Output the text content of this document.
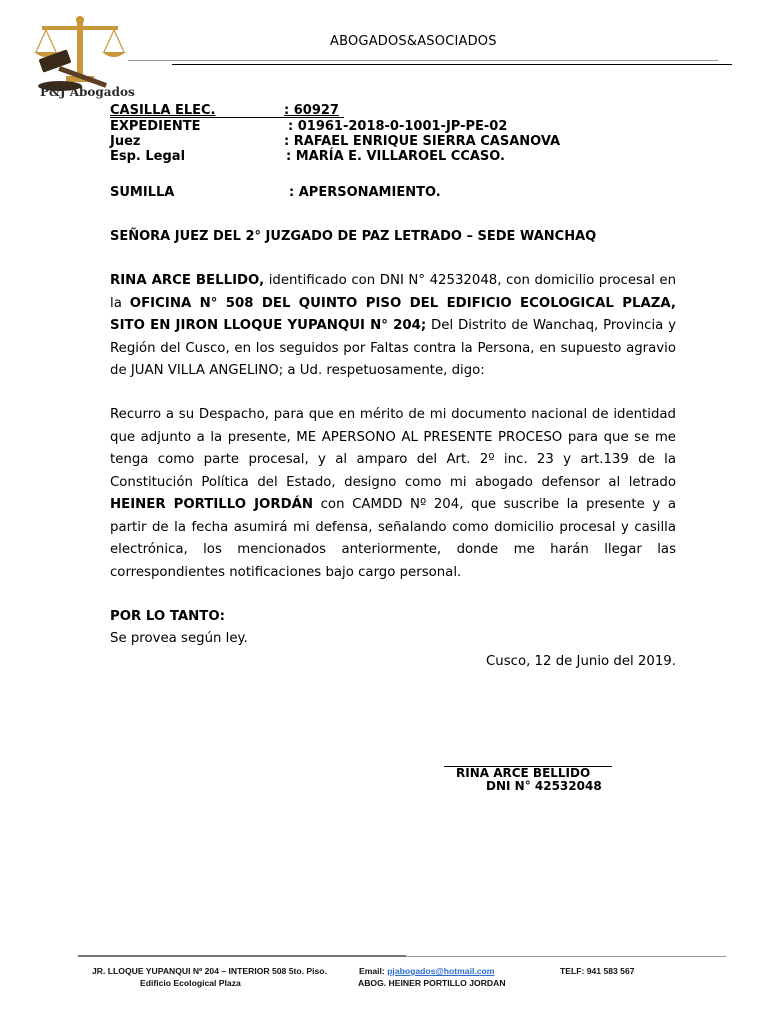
P&J Abogados
ABOGADOS&ASOCIADOS
CASILLA ELEC.	: 60927
EXPEDIENTE	: 01961-2018-0-1001-JP-PE-02
Juez	: RAFAEL ENRIQUE SIERRA CASANOVA
Esp. Legal	: MARÍA E. VILLAROEL CCASO.
SUMILLA	: APERSONAMIENTO.
SEÑORA JUEZ DEL 2° JUZGADO DE PAZ LETRADO – SEDE WANCHAQ
RINA ARCE BELLIDO, identificado con DNI N° 42532048, con domicilio procesal en la OFICINA N° 508 DEL QUINTO PISO DEL EDIFICIO ECOLOGICAL PLAZA, SITO EN JIRON LLOQUE YUPANQUI N° 204; Del Distrito de Wanchaq, Provincia y Región del Cusco, en los seguidos por Faltas contra la Persona, en supuesto agravio de JUAN VILLA ANGELINO; a Ud. respetuosamente, digo:
Recurro a su Despacho, para que en mérito de mi documento nacional de identidad que adjunto a la presente, ME APERSONO AL PRESENTE PROCESO para que se me tenga como parte procesal, y al amparo del Art. 2º inc. 23 y art.139 de la Constitución Política del Estado, designo como mi abogado defensor al letrado HEINER PORTILLO JORDÁN con CAMDD Nº 204, que suscribe la presente y a partir de la fecha asumirá mi defensa, señalando como domicilio procesal y casilla electrónica, los mencionados anteriormente, donde me harán llegar las correspondientes notificaciones bajo cargo personal.
POR LO TANTO:
Se provea según ley.
Cusco, 12 de Junio del 2019.
RINA ARCE BELLIDO
DNI N° 42532048
JR. LLOQUE YUPANQUI Nº 204 – INTERIOR 508 5to. Piso.
Edificio Ecological Plaza
Email: pjabogados@hotmail.com
ABOG. HEINER PORTILLO JORDAN
TELF: 941 583 567
